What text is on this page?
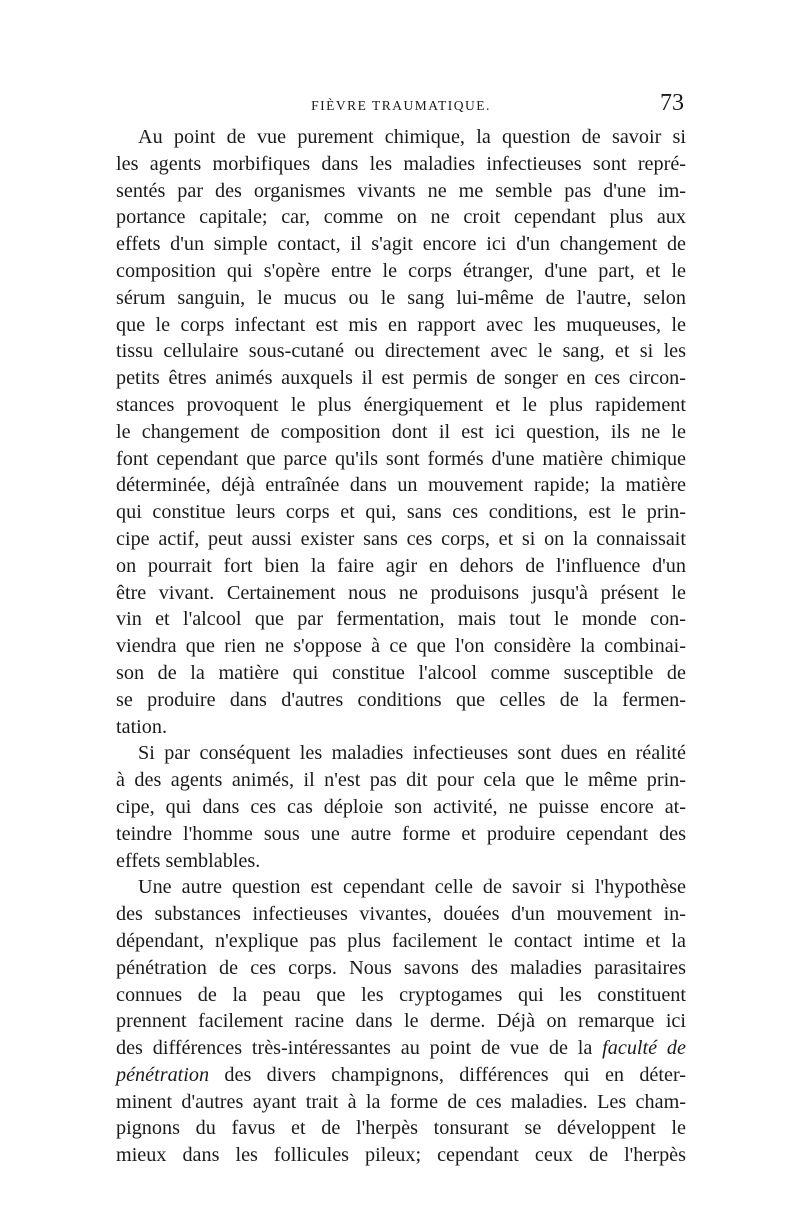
FIÈVRE TRAUMATIQUE.	73
Au point de vue purement chimique, la question de savoir si
les agents morbifiques dans les maladies infectieuses sont repré-
sentés par des organismes vivants ne me semble pas d'une im-
portance capitale; car, comme on ne croit cependant plus aux
effets d'un simple contact, il s'agit encore ici d'un changement de
composition qui s'opère entre le corps étranger, d'une part, et le
sérum sanguin, le mucus ou le sang lui-même de l'autre, selon
que le corps infectant est mis en rapport avec les muqueuses, le
tissu cellulaire sous-cutané ou directement avec le sang, et si les
petits êtres animés auxquels il est permis de songer en ces circon-
stances provoquent le plus énergiquement et le plus rapidement
le changement de composition dont il est ici question, ils ne le
font cependant que parce qu'ils sont formés d'une matière chimique
déterminée, déjà entraînée dans un mouvement rapide; la matière
qui constitue leurs corps et qui, sans ces conditions, est le prin-
cipe actif, peut aussi exister sans ces corps, et si on la connaissait
on pourrait fort bien la faire agir en dehors de l'influence d'un
être vivant. Certainement nous ne produisons jusqu'à présent le
vin et l'alcool que par fermentation, mais tout le monde con-
viendra que rien ne s'oppose à ce que l'on considère la combinai-
son de la matière qui constitue l'alcool comme susceptible de
se produire dans d'autres conditions que celles de la fermen-
tation.
Si par conséquent les maladies infectieuses sont dues en réalité
à des agents animés, il n'est pas dit pour cela que le même prin-
cipe, qui dans ces cas déploie son activité, ne puisse encore at-
teindre l'homme sous une autre forme et produire cependant des
effets semblables.
Une autre question est cependant celle de savoir si l'hypothèse
des substances infectieuses vivantes, douées d'un mouvement in-
dépendant, n'explique pas plus facilement le contact intime et la
pénétration de ces corps. Nous savons des maladies parasitaires
connues de la peau que les cryptogames qui les constituent
prennent facilement racine dans le derme. Déjà on remarque ici
des différences très-intéressantes au point de vue de la faculté de
pénétration des divers champignons, différences qui en déter-
minent d'autres ayant trait à la forme de ces maladies. Les cham-
pignons du favus et de l'herpès tonsurant se développent le
mieux dans les follicules pileux; cependant ceux de l'herpès
